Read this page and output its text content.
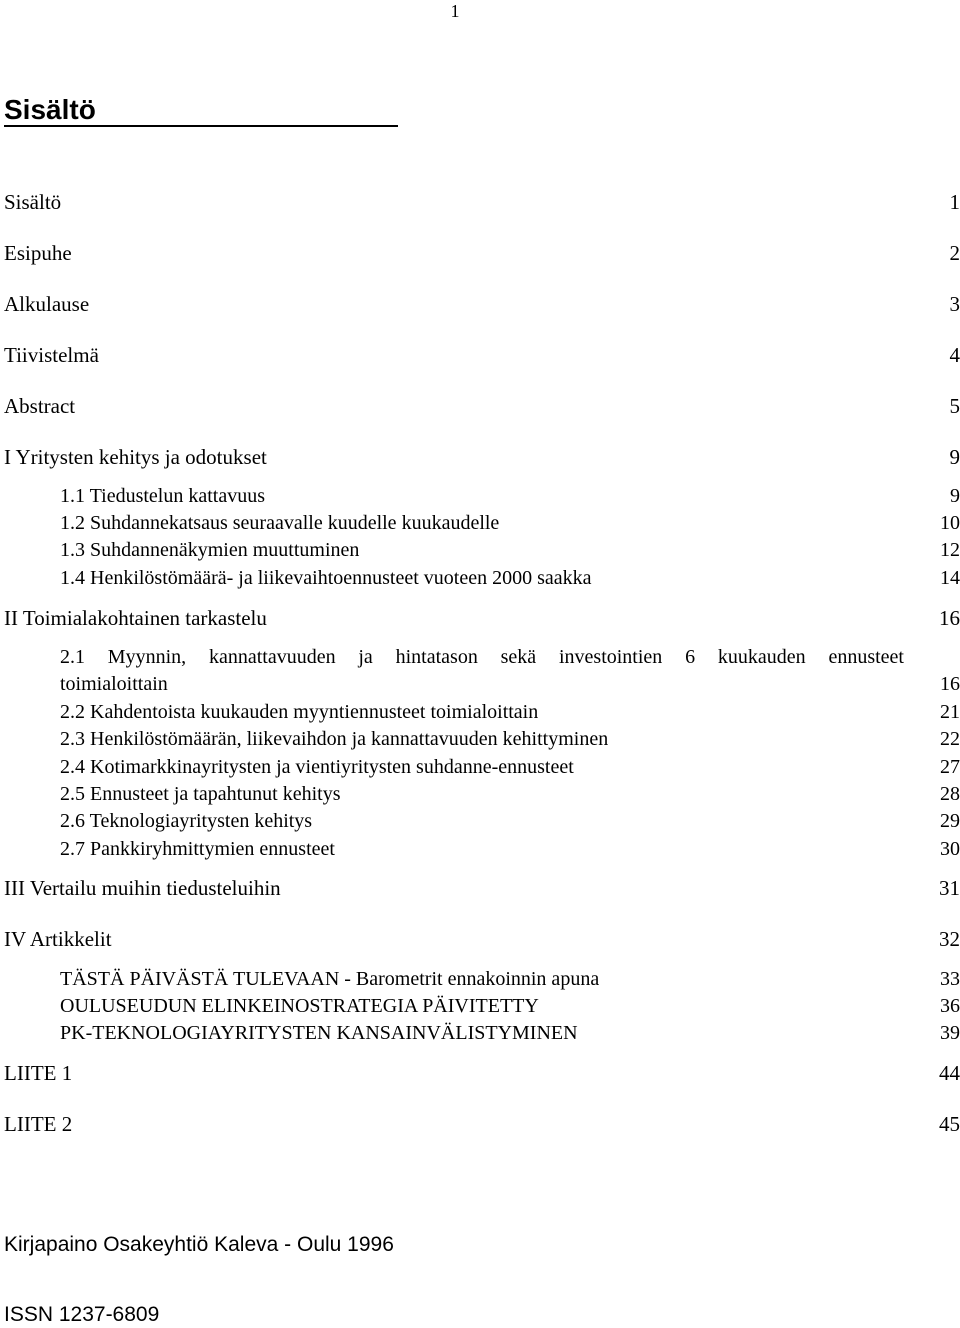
1
Sisältö
Sisältö	1
Esipuhe	2
Alkulause	3
Tiivistelmä	4
Abstract	5
I Yritysten kehitys ja odotukset	9
1.1 Tiedustelun kattavuus	9
1.2 Suhdannekatsaus seuraavalle kuudelle kuukaudelle	10
1.3 Suhdannenäkymien muuttuminen	12
1.4 Henkilöstömäärä- ja liikevaihtoennusteet vuoteen 2000 saakka	14
II Toimialakohtainen tarkastelu	16
2.1 Myynnin, kannattavuuden ja hintatason sekä investointien 6 kuukauden ennusteet
toimialoittain	16
2.2 Kahdentoista kuukauden myyntiennusteet toimialoittain	21
2.3 Henkilöstömäärän, liikevaihdon ja kannattavuuden kehittyminen	22
2.4 Kotimarkkinayritysten ja vientiyritysten suhdanne-ennusteet	27
2.5 Ennusteet ja tapahtunut kehitys	28
2.6 Teknologiayritysten kehitys	29
2.7 Pankkiryhmittymien ennusteet	30
III Vertailu muihin tiedusteluihin	31
IV Artikkelit	32
TÄSTÄ PÄIVÄSTÄ TULEVAAN - Barometrit ennakoinnin apuna	33
OULUSEUDUN ELINKEINOSTRATEGIA PÄIVITETTY	36
PK-TEKNOLOGIAYRITYSTEN KANSAINVÄLISTYMINEN	39
LIITE 1	44
LIITE 2	45
Kirjapaino Osakeyhtiö Kaleva - Oulu 1996
ISSN 1237-6809
